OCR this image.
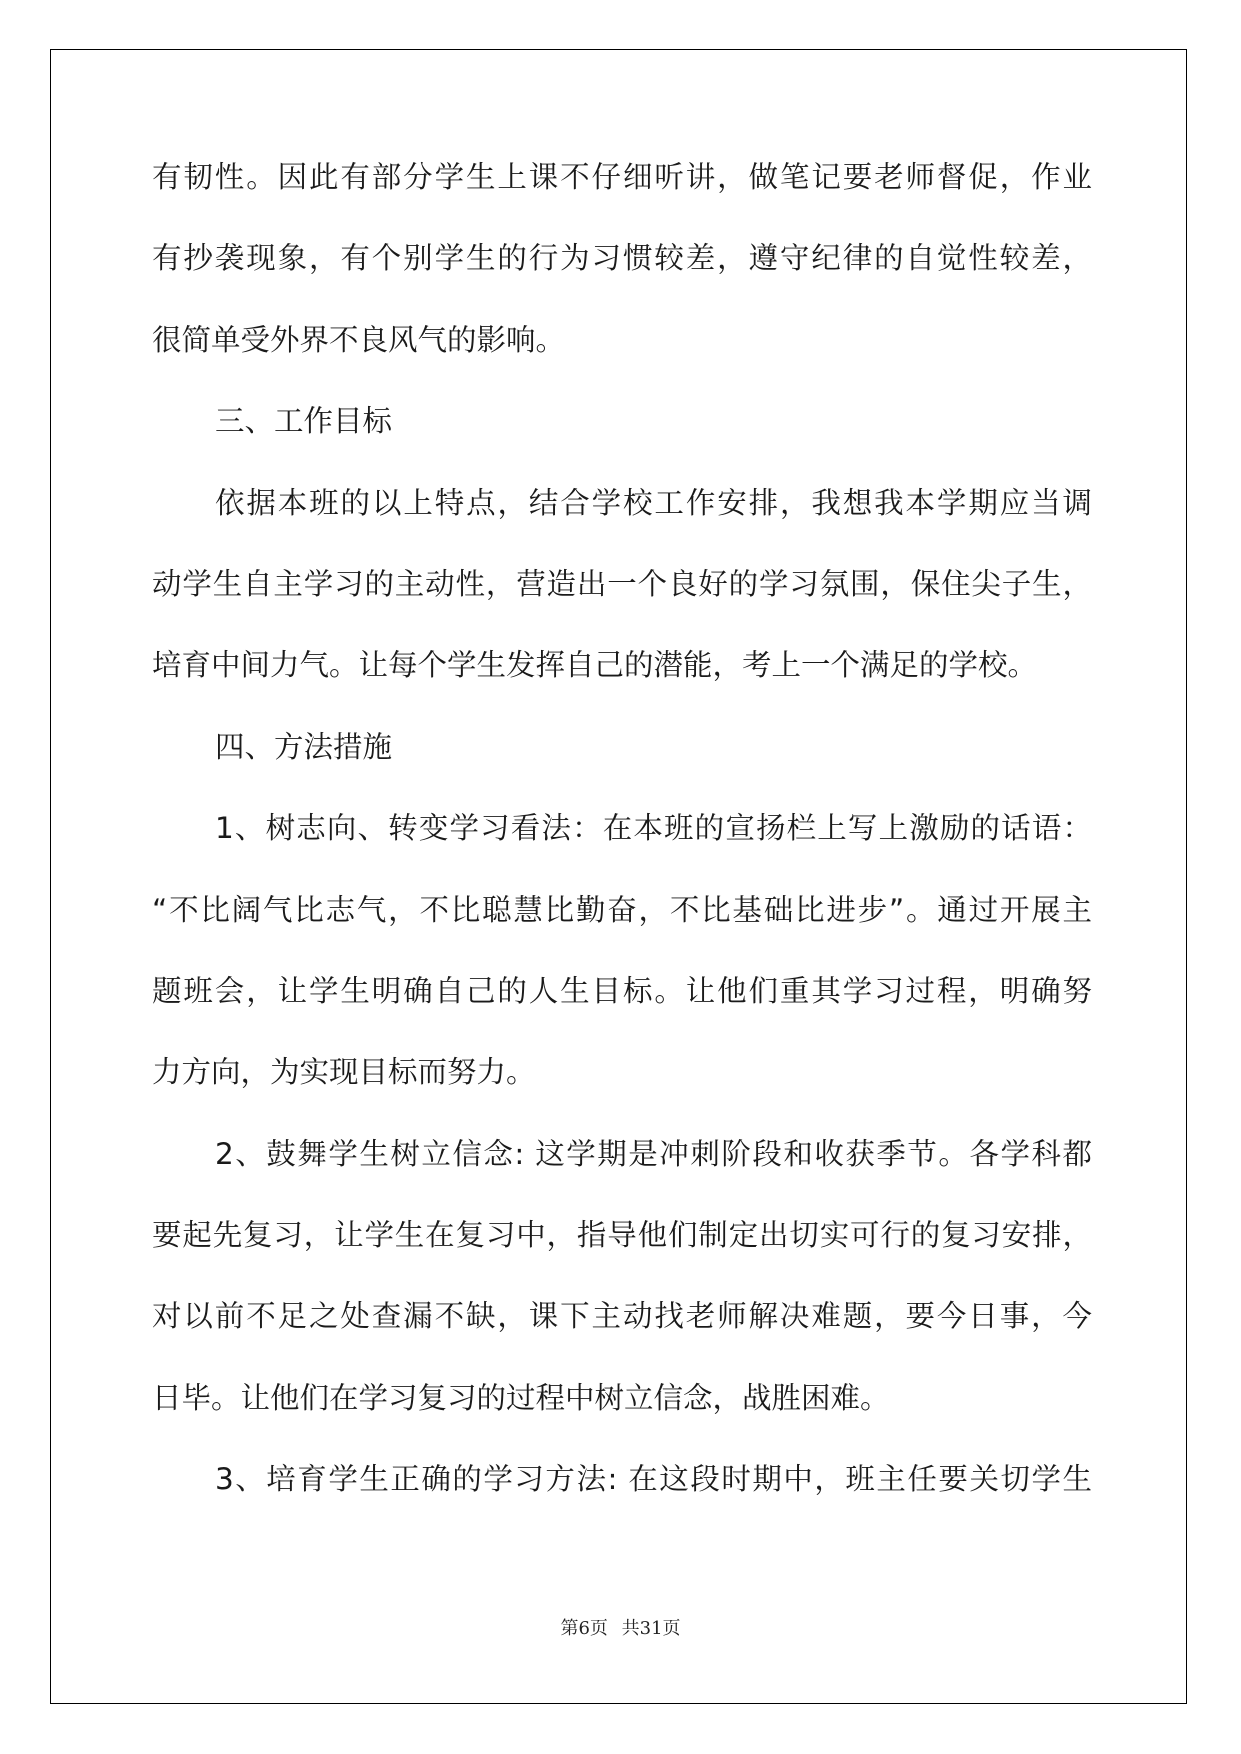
有韧性。因此有部分学生上课不仔细听讲，做笔记要老师督促，作业
有抄袭现象，有个别学生的行为习惯较差，遵守纪律的自觉性较差，
很简单受外界不良风气的影响。
三、工作目标
依据本班的以上特点，结合学校工作安排，我想我本学期应当调
动学生自主学习的主动性，营造出一个良好的学习氛围，保住尖子生，
培育中间力气。让每个学生发挥自己的潜能，考上一个满足的学校。
四、方法措施
1、树志向、转变学习看法：在本班的宣扬栏上写上激励的话语：
“不比阔气比志气，不比聪慧比勤奋，不比基础比进步”。通过开展主
题班会，让学生明确自己的人生目标。让他们重其学习过程，明确努
力方向，为实现目标而努力。
2、鼓舞学生树立信念: 这学期是冲刺阶段和收获季节。各学科都
要起先复习，让学生在复习中，指导他们制定出切实可行的复习安排，
对以前不足之处查漏不缺，课下主动找老师解决难题，要今日事，今
日毕。让他们在学习复习的过程中树立信念，战胜困难。
3、培育学生正确的学习方法: 在这段时期中，班主任要关切学生
第6页 共31页
